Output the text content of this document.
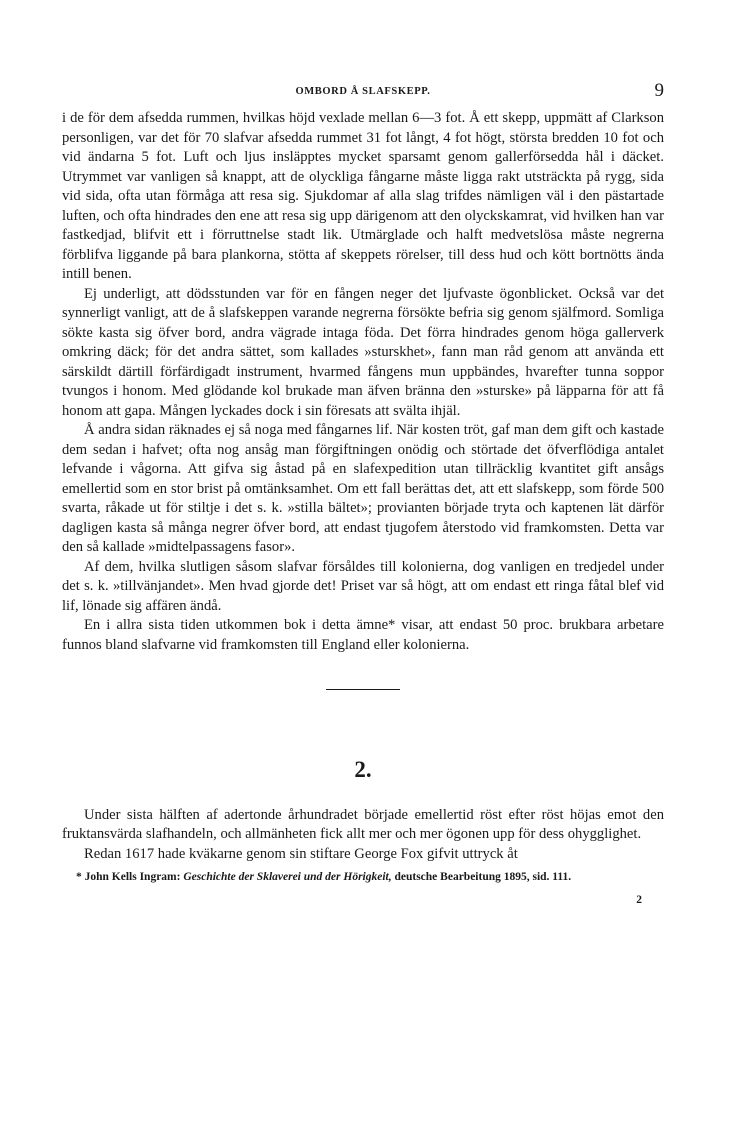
OMBORD Å SLAFSKEPP.	9

i de för dem afsedda rummen, hvilkas höjd vexlade mellan 6—3 fot. Å ett skepp, uppmätt af Clarkson personligen, var det för 70 slafvar afsedda rummet 31 fot långt, 4 fot högt, största bredden 10 fot och vid ändarna 5 fot. Luft och ljus insläpptes mycket sparsamt genom gallerförsedda hål i däcket. Utrymmet var vanligen så knappt, att de olyckliga fångarne måste ligga rakt utsträckta på rygg, sida vid sida, ofta utan förmåga att resa sig. Sjukdomar af alla slag trifdes nämligen väl i den pästartade luften, och ofta hindrades den ene att resa sig upp därigenom att den olyckskamrat, vid hvilken han var fastkedjad, blifvit ett i förruttnelse stadt lik. Utmärglade och halft medvetslösa måste negrerna förblifva liggande på bara plankorna, stötta af skeppets rörelser, till dess hud och kött bortnötts ända intill benen.

Ej underligt, att dödsstunden var för en fången neger det ljufvaste ögonblicket. Också var det synnerligt vanligt, att de å slafskeppen varande negrerna försökte befria sig genom själfmord. Somliga sökte kasta sig öfver bord, andra vägrade intaga föda. Det förra hindrades genom höga gallerverk omkring däck; för det andra sättet, som kallades »sturskhet», fann man råd genom att använda ett särskildt därtill förfärdigadt instrument, hvarmed fångens mun uppbändes, hvarefter tunna soppor tvungos i honom. Med glödande kol brukade man äfven bränna den »sturske» på läpparna för att få honom att gapa. Mången lyckades dock i sin föresats att svälta ihjäl.

Å andra sidan räknades ej så noga med fångarnes lif. När kosten tröt, gaf man dem gift och kastade dem sedan i hafvet; ofta nog ansåg man förgiftningen onödig och störtade det öfverflödiga antalet lefvande i vågorna. Att gifva sig åstad på en slafexpedition utan tillräcklig kvantitet gift ansågs emellertid som en stor brist på omtänksamhet. Om ett fall berättas det, att ett slafskepp, som förde 500 svarta, råkade ut för stiltje i det s. k. »stilla bältet»; provianten började tryta och kaptenen lät därför dagligen kasta så många negrer öfver bord, att endast tjugofem återstodo vid framkomsten. Detta var den så kallade »midtelpassagens fasor».

Af dem, hvilka slutligen såsom slafvar försåldes till kolonierna, dog vanligen en tredjedel under det s. k. »tillvänjandet». Men hvad gjorde det! Priset var så högt, att om endast ett ringa fåtal blef vid lif, lönade sig affären ändå.

En i allra sista tiden utkommen bok i detta ämne* visar, att endast 50 proc. brukbara arbetare funnos bland slafvarne vid framkomsten till England eller kolonierna.

2.

Under sista hälften af adertonde århundradet började emellertid röst efter röst höjas emot den fruktansvärda slafhandeln, och allmänheten fick allt mer och mer ögonen upp för dess ohygglighet.

Redan 1617 hade kväkarne genom sin stiftare George Fox gifvit uttryck åt

* John Kells Ingram: Geschichte der Sklaverei und der Hörigkeit, deutsche Bearbeitung 1895, sid. 111.
2
